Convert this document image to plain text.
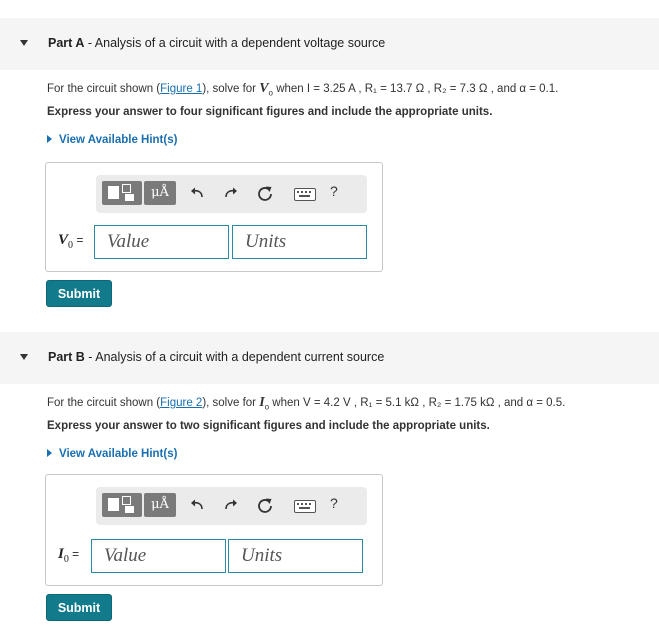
Part A - Analysis of a circuit with a dependent voltage source
For the circuit shown (Figure 1), solve for $V_o$ when I = 3.25 A , R₁ = 13.7 Ω , R₂ = 7.3 Ω , and α = 0.1.
Express your answer to four significant figures and include the appropriate units.
View Available Hint(s)
μÅ	?
$V_0$ =	Value	Units
Submit
Part B - Analysis of a circuit with a dependent current source
For the circuit shown (Figure 2), solve for $I_o$ when V = 4.2 V , R₁ = 5.1 kΩ , R₂ = 1.75 kΩ , and α = 0.5.
Express your answer to two significant figures and include the appropriate units.
View Available Hint(s)
μÅ	?
$I_0$ =	Value	Units
Submit
